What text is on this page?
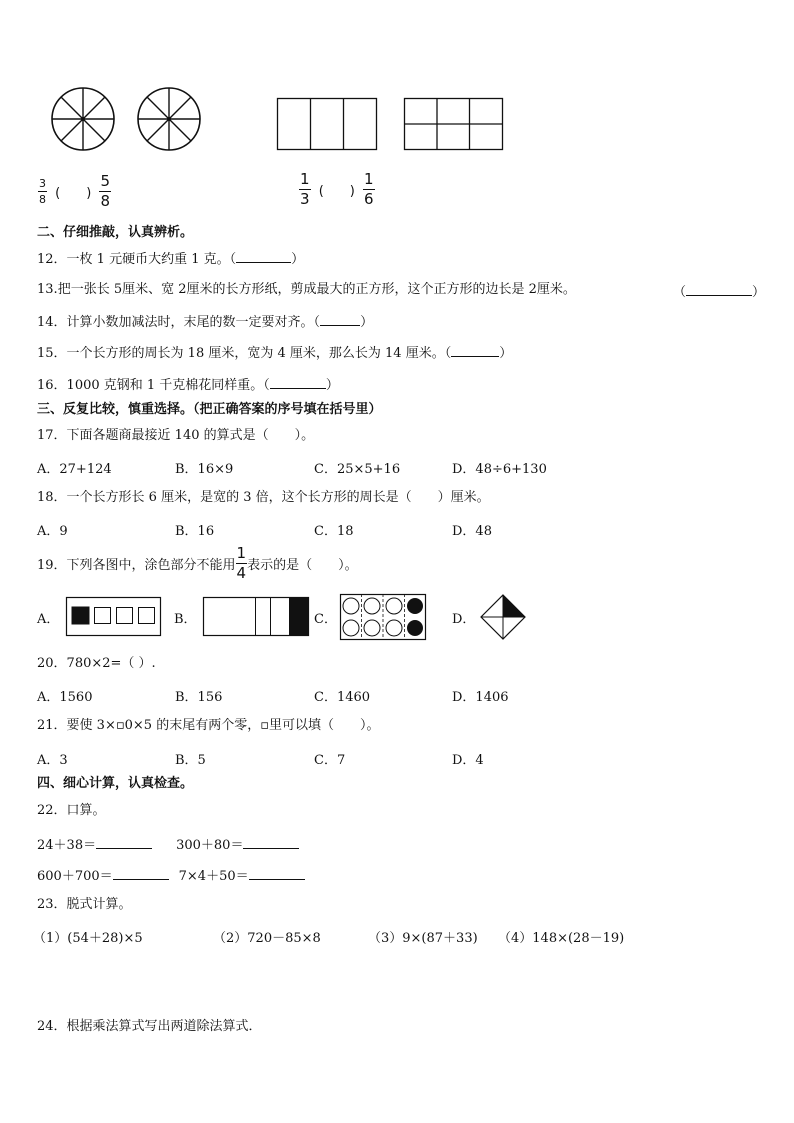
$\frac{3}{8}$ (　　) $\frac{5}{8}$	$\frac{1}{3}$ (　　) $\frac{1}{6}$
二、仔细推敲，认真辨析。
12．一枚 1 元硬币大约重 1 克。（	）
13.把一张长 5厘米、宽 2厘米的长方形纸，剪成最大的正方形，这个正方形的边长是 2厘米。	（	）
14．计算小数加减法时，末尾的数一定要对齐。（	）
15．一个长方形的周长为 18 厘米，宽为 4 厘米，那么长为 14 厘米。（	）
16．1000 克钢和 1 千克棉花同样重。（	）
三、反复比较，慎重选择。（把正确答案的序号填在括号里）
17．下面各题商最接近 140 的算式是（　　）。
A．27+124	B．16×9	C．25×5+16	D．48÷6+130
18．一个长方形长 6 厘米，是宽的 3 倍，这个长方形的周长是（　　）厘米。
A．9	B．16	C．18	D．48
19．下列各图中，涂色部分不能用 $\frac{1}{4}$ 表示的是（　　）。
A．	B．	C．	D．
20．780×2=（ ）.
A．1560	B．156	C．1460	D．1406
21．要使 3×▫0×5 的末尾有两个零，▫里可以填（　　）。
A．3	B．5	C．7	D．4
四、细心计算，认真检查。
22．口算。
24＋38＝	300＋80＝
600＋700＝	7×4＋50＝
23．脱式计算。
（1）(54＋28)×5	（2）720－85×8	（3）9×(87＋33) （4）148×(28－19)
24．根据乘法算式写出两道除法算式．
